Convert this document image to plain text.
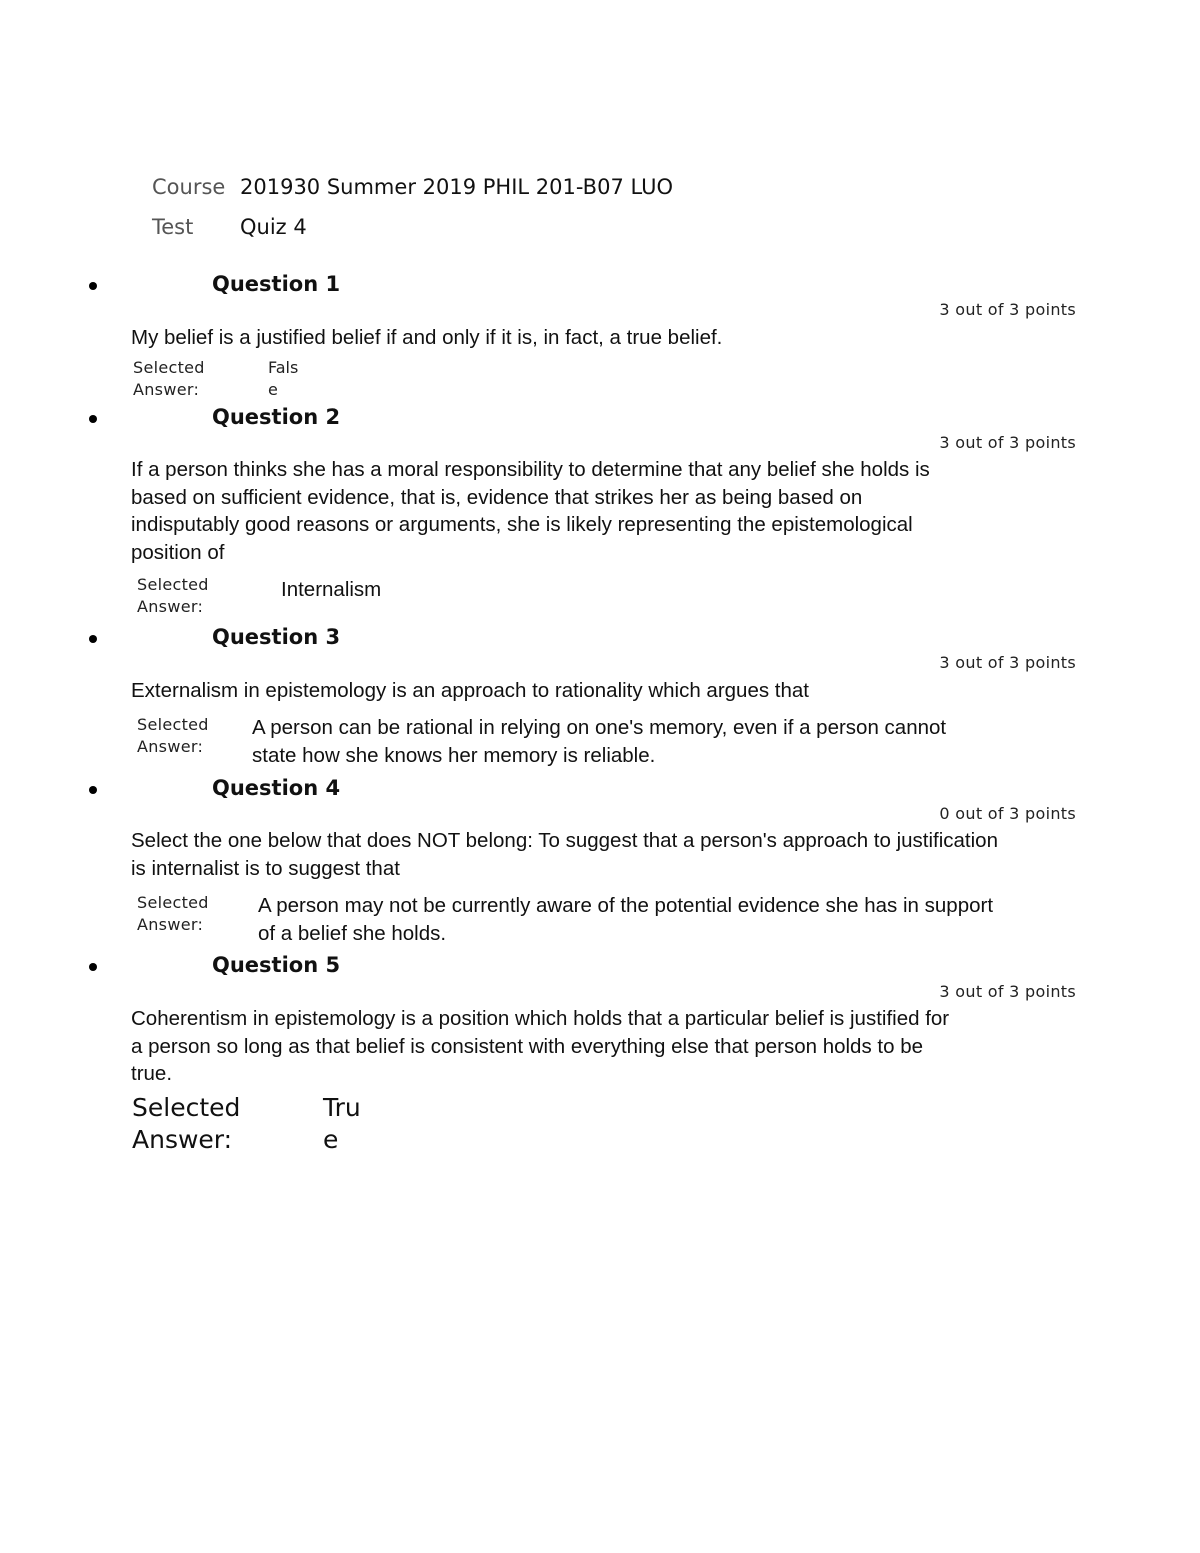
Course 201930 Summer 2019 PHIL 201-B07 LUO
Test Quiz 4
Question 1
3 out of 3 points
My belief is a justified belief if and only if it is, in fact, a true belief.
Selected Answer:
False
Question 2
3 out of 3 points
If a person thinks she has a moral responsibility to determine that any belief she holds is based on sufficient evidence, that is, evidence that strikes her as being based on indisputably good reasons or arguments, she is likely representing the epistemological position of
Selected Answer:
Internalism
Question 3
3 out of 3 points
Externalism in epistemology is an approach to rationality which argues that
Selected Answer:
A person can be rational in relying on one's memory, even if a person cannot state how she knows her memory is reliable.
Question 4
0 out of 3 points
Select the one below that does NOT belong: To suggest that a person's approach to justification is internalist is to suggest that
Selected Answer:
A person may not be currently aware of the potential evidence she has in support of a belief she holds.
Question 5
3 out of 3 points
Coherentism in epistemology is a position which holds that a particular belief is justified for a person so long as that belief is consistent with everything else that person holds to be true.
Selected Answer:
True
